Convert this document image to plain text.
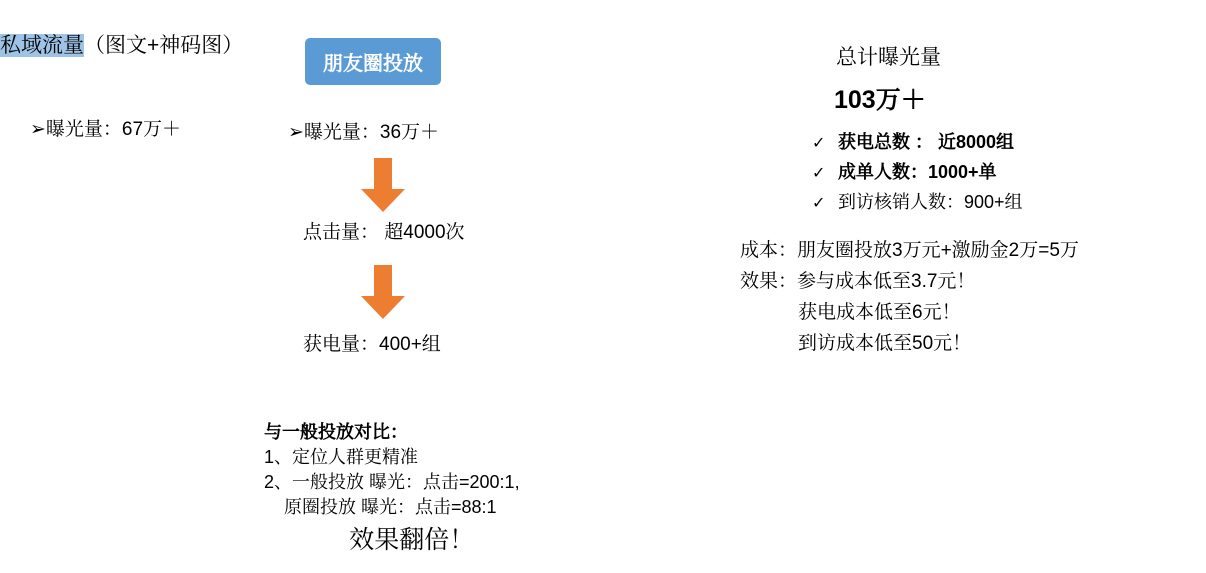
私域流量（图文+神码图）
➢曝光量：67万＋
朋友圈投放
➢曝光量：36万＋
点击量： 超4000次
获电量：400+组
与一般投放对比：
1、定位人群更精准
2、一般投放 曝光：点击=200:1,
原圈投放 曝光：点击=88:1
效果翻倍！
总计曝光量
103万＋
✓ 获电总数 ： 近8000组
✓ 成单人数：1000+单
✓ 到访核销人数：900+组
成本：朋友圈投放3万元+激励金2万=5万
效果：参与成本低至3.7元！
获电成本低至6元！
到访成本低至50元！
